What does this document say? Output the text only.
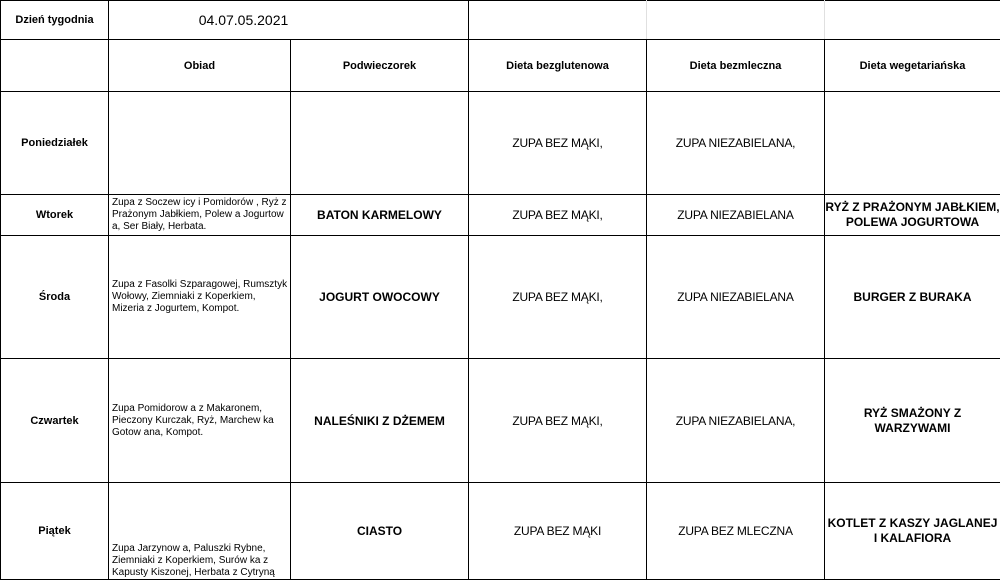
Dzień tygodnia	04.07.05.2021				
	Obiad	Podwieczorek	Dieta bezglutenowa	Dieta bezmleczna	Dieta wegetariańska
Poniedziałek			ZUPA BEZ MĄKI,	ZUPA NIEZABIELANA,	
Wtorek	Zupa z Soczew icy i Pomidorów , Ryż z Prażonym Jabłkiem, Polew a Jogurtow a, Ser Biały, Herbata.	BATON KARMELOWY	ZUPA BEZ MĄKI,	ZUPA NIEZABIELANA	RYŻ Z PRAŻONYM JABŁKIEM, POLEWA JOGURTOWA
Środa	Zupa z Fasolki Szparagowej, Rumsztyk Wołowy, Ziemniaki z Koperkiem, Mizeria z Jogurtem, Kompot.	JOGURT OWOCOWY	ZUPA BEZ MĄKI,	ZUPA NIEZABIELANA	BURGER Z BURAKA
Czwartek	Zupa Pomidorow a z Makaronem, Pieczony Kurczak, Ryż, Marchew ka Gotow ana, Kompot.	NALEŚNIKI Z DŻEMEM	ZUPA BEZ MĄKI,	ZUPA NIEZABIELANA,	RYŻ SMAŻONY Z WARZYWAMI
Piątek	Zupa Jarzynow a, Paluszki Rybne, Ziemniaki z Koperkiem, Surów ka z Kapusty Kiszonej, Herbata z Cytryną	CIASTO	ZUPA BEZ MĄKI	ZUPA BEZ MLECZNA	KOTLET Z KASZY JAGLANEJ I KALAFIORA
